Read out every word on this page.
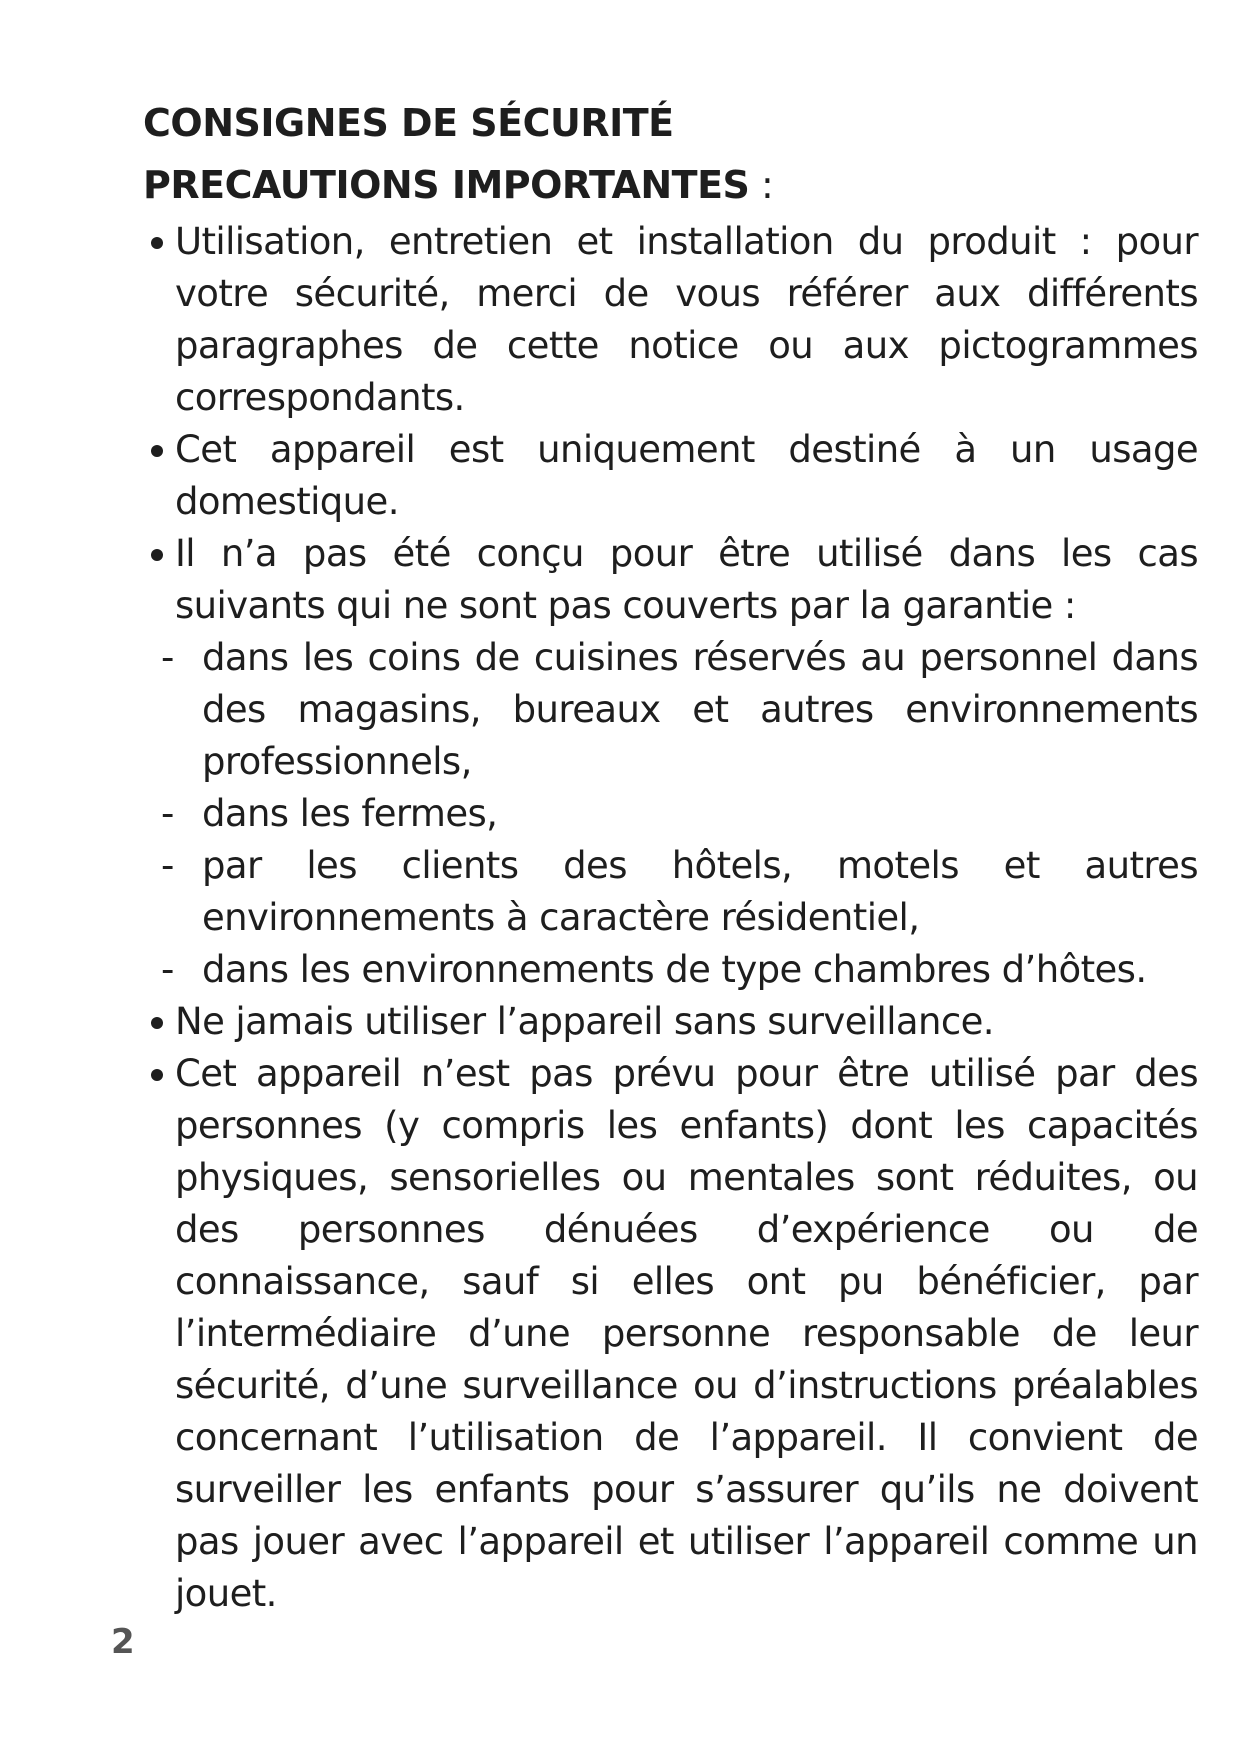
CONSIGNES DE SÉCURITÉ
PRECAUTIONS IMPORTANTES :
Utilisation, entretien et installation du produit : pour votre sécurité, merci de vous référer aux différents paragraphes de cette notice ou aux pictogrammes correspondants.
Cet appareil est uniquement destiné à un usage domestique.
Il n’a pas été conçu pour être utilisé dans les cas suivants qui ne sont pas couverts par la garantie :
- dans les coins de cuisines réservés au personnel dans des magasins, bureaux et autres environnements professionnels,
- dans les fermes,
- par les clients des hôtels, motels et autres environnements à caractère résidentiel,
- dans les environnements de type chambres d’hôtes.
Ne jamais utiliser l’appareil sans surveillance.
Cet appareil n’est pas prévu pour être utilisé par des personnes (y compris les enfants) dont les capacités physiques, sensorielles ou mentales sont réduites, ou des personnes dénuées d’expérience ou de connaissance, sauf si elles ont pu bénéficier, par l’intermédiaire d’une personne responsable de leur sécurité, d’une surveillance ou d’instructions préalables concernant l’utilisation de l’appareil. Il convient de surveiller les enfants pour s’assurer qu’ils ne doivent pas jouer avec l’appareil et utiliser l’appareil comme un jouet.
2
